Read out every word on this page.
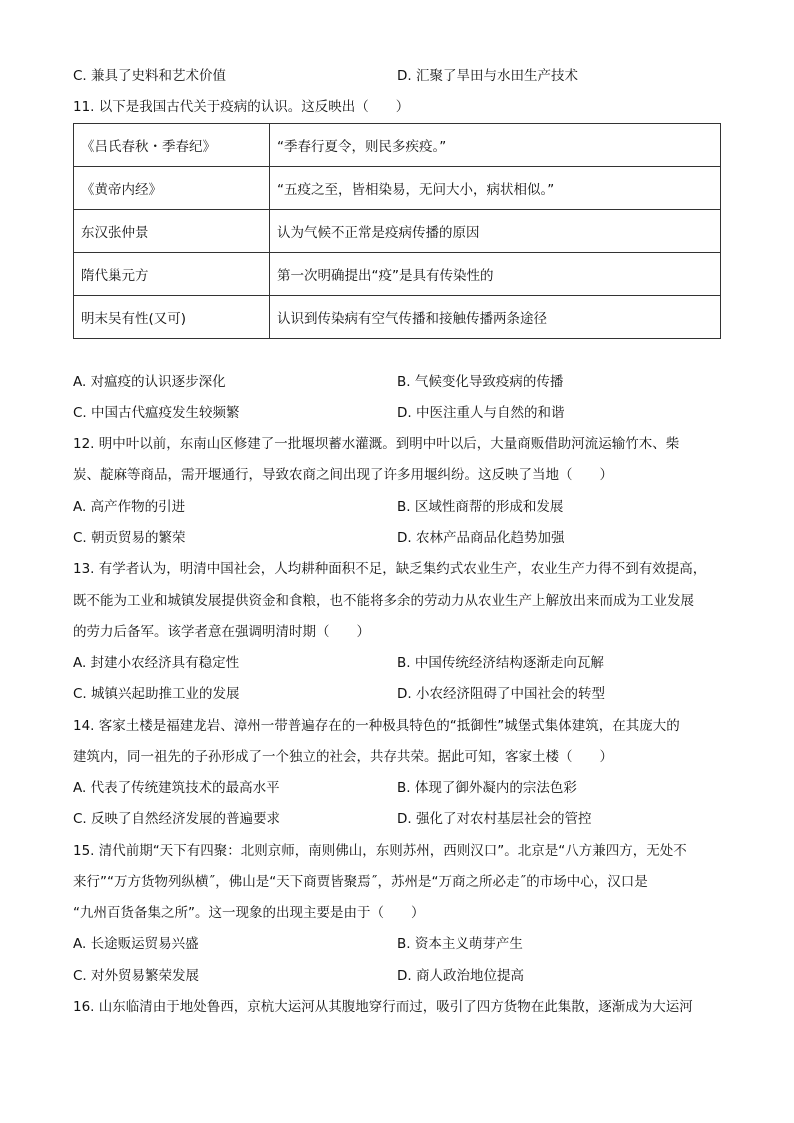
C. 兼具了史料和艺术价值	D. 汇聚了旱田与水田生产技术
11. 以下是我国古代关于疫病的认识。这反映出（　　）
《吕氏春秋・季春纪》	“季春行夏令，则民多疾疫。”
《黄帝内经》	“五疫之至，皆相染易，无问大小，病状相似。”
东汉张仲景	认为气候不正常是疫病传播的原因
隋代巢元方	第一次明确提出“疫”是具有传染性的
明末吴有性(又可)	认识到传染病有空气传播和接触传播两条途径
A. 对瘟疫的认识逐步深化	B. 气候变化导致疫病的传播
C. 中国古代瘟疫发生较频繁	D. 中医注重人与自然的和谐
12. 明中叶以前，东南山区修建了一批堰坝蓄水灌溉。到明中叶以后，大量商贩借助河流运输竹木、柴
炭、靛麻等商品，需开堰通行，导致农商之间出现了许多用堰纠纷。这反映了当地（　　）
A. 高产作物的引进	B. 区域性商帮的形成和发展
C. 朝贡贸易的繁荣	D. 农林产品商品化趋势加强
13. 有学者认为，明清中国社会，人均耕种面积不足，缺乏集约式农业生产，农业生产力得不到有效提高，
既不能为工业和城镇发展提供资金和食粮，也不能将多余的劳动力从农业生产上解放出来而成为工业发展
的劳力后备军。该学者意在强调明清时期（　　）
A. 封建小农经济具有稳定性	B. 中国传统经济结构逐渐走向瓦解
C. 城镇兴起助推工业的发展	D. 小农经济阻碍了中国社会的转型
14. 客家土楼是福建龙岩、漳州一带普遍存在的一种极具特色的“抵御性”城堡式集体建筑，在其庞大的
建筑内，同一祖先的子孙形成了一个独立的社会，共存共荣。据此可知，客家土楼（　　）
A. 代表了传统建筑技术的最高水平	B. 体现了御外凝内的宗法色彩
C. 反映了自然经济发展的普遍要求	D. 强化了对农村基层社会的管控
15. 清代前期“天下有四聚：北则京师，南则佛山，东则苏州，西则汉口”。北京是“八方兼四方，无处不
来行”“万方货物列纵横˝，佛山是“天下商贾皆聚焉˝，苏州是“万商之所必走˝的市场中心，汉口是
“九州百货备集之所”。这一现象的出现主要是由于（　　）
A. 长途贩运贸易兴盛	B. 资本主义萌芽产生
C. 对外贸易繁荣发展	D. 商人政治地位提高
16. 山东临清由于地处鲁西，京杭大运河从其腹地穿行而过，吸引了四方货物在此集散，逐渐成为大运河
